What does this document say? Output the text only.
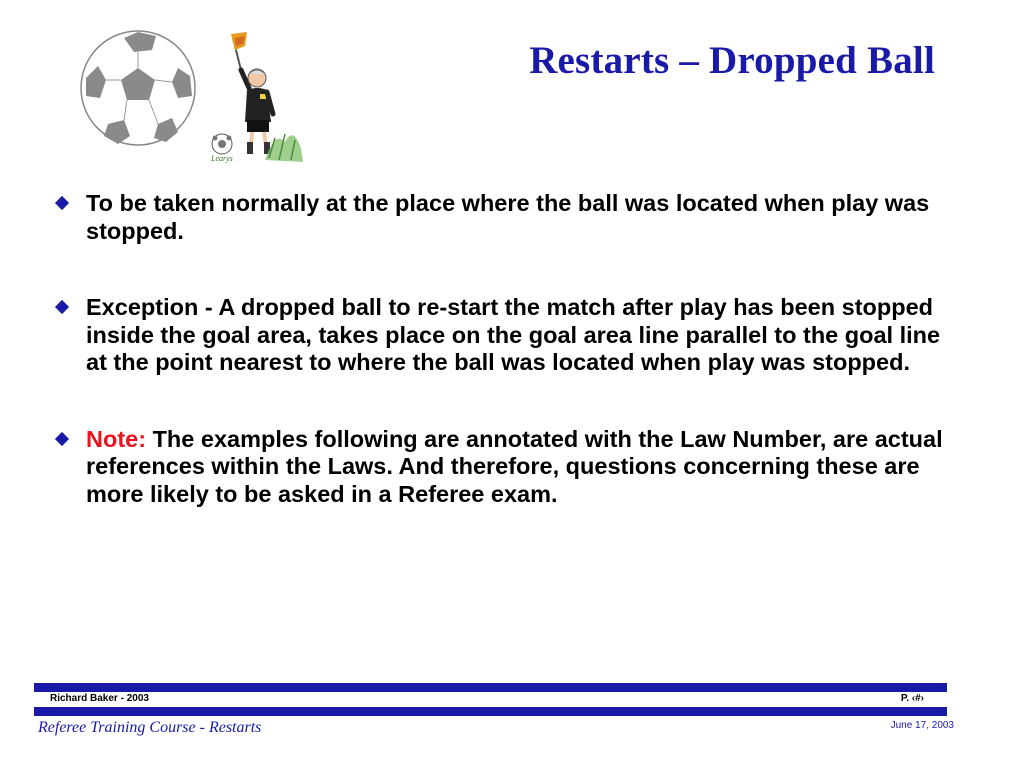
Restarts – Dropped Ball
Learys
To be taken normally at the place where the ball was located when play was stopped.
Exception - A dropped ball to re-start the match after play has been stopped inside the goal area, takes place on the goal area line parallel to the goal line at the point nearest to where the ball was located when play was stopped.
Note: The examples following are annotated with the Law Number, are actual references within the Laws. And therefore, questions concerning these are more likely to be asked in a Referee exam.
Richard Baker - 2003	P. ‹#›
Referee Training Course - Restarts	June 17, 2003
